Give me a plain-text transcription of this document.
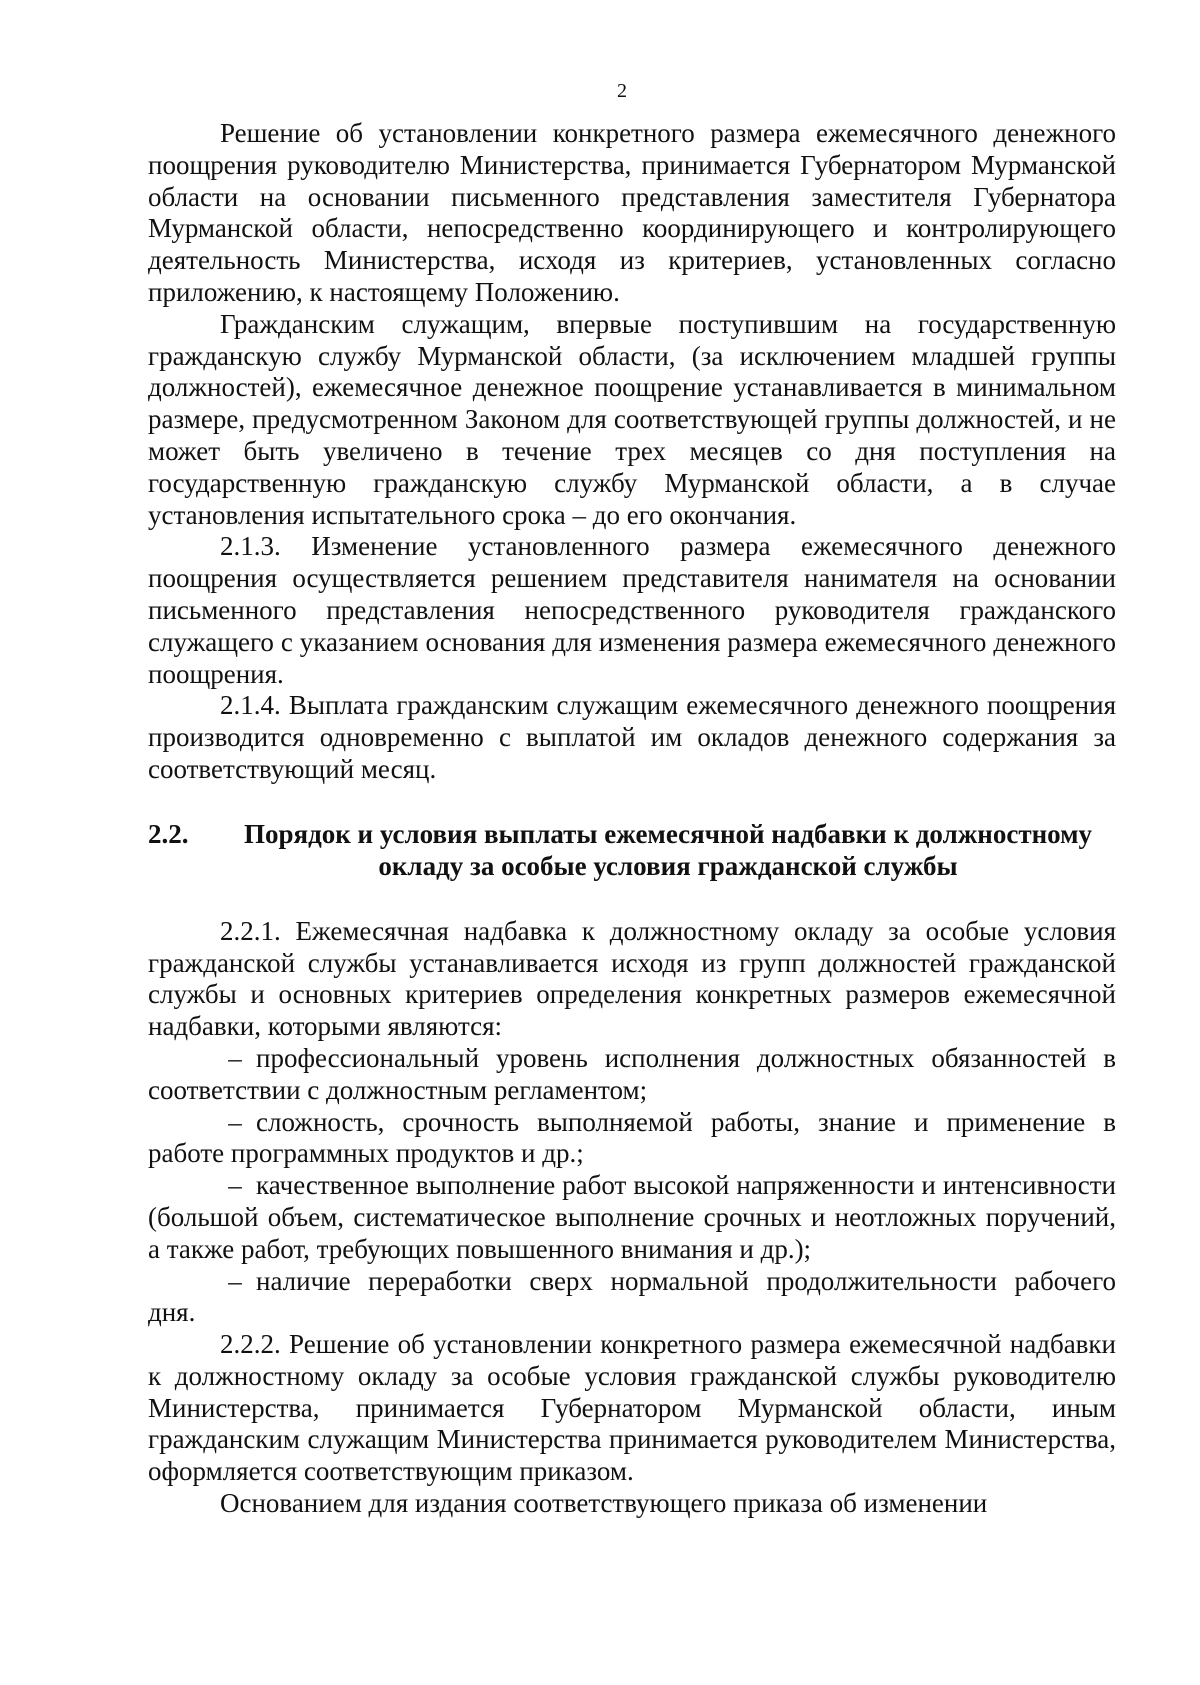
2

Решение об установлении конкретного размера ежемесячного денежного поощрения руководителю Министерства, принимается Губернатором Мурманской области на основании письменного представления заместителя Губернатора Мурманской области, непосредственно координирующего и контролирующего деятельность Министерства, исходя из критериев, установленных согласно приложению, к настоящему Положению.

Гражданским служащим, впервые поступившим на государственную гражданскую службу Мурманской области, (за исключением младшей группы должностей), ежемесячное денежное поощрение устанавливается в минимальном размере, предусмотренном Законом для соответствующей группы должностей, и не может быть увеличено в течение трех месяцев со дня поступления на государственную гражданскую службу Мурманской области, а в случае установления испытательного срока – до его окончания.

2.1.3. Изменение установленного размера ежемесячного денежного поощрения осуществляется решением представителя нанимателя на основании письменного представления непосредственного руководителя гражданского служащего с указанием основания для изменения размера ежемесячного денежного поощрения.

2.1.4. Выплата гражданским служащим ежемесячного денежного поощрения производится одновременно с выплатой им окладов денежного содержания за соответствующий месяц.

2.2.	Порядок и условия выплаты ежемесячной надбавки к должностному окладу за особые условия гражданской службы

2.2.1. Ежемесячная надбавка к должностному окладу за особые условия гражданской службы устанавливается исходя из групп должностей гражданской службы и основных критериев определения конкретных размеров ежемесячной надбавки, которыми являются:

– профессиональный уровень исполнения должностных обязанностей в соответствии с должностным регламентом;

– сложность, срочность выполняемой работы, знание и применение в работе программных продуктов и др.;

– качественное выполнение работ высокой напряженности и интенсивности (большой объем, систематическое выполнение срочных и неотложных поручений, а также работ, требующих повышенного внимания и др.);

– наличие переработки сверх нормальной продолжительности рабочего дня.

2.2.2. Решение об установлении конкретного размера ежемесячной надбавки к должностному окладу за особые условия гражданской службы руководителю Министерства, принимается Губернатором Мурманской области, иным гражданским служащим Министерства принимается руководителем Министерства, оформляется соответствующим приказом.

Основанием для издания соответствующего приказа об изменении
